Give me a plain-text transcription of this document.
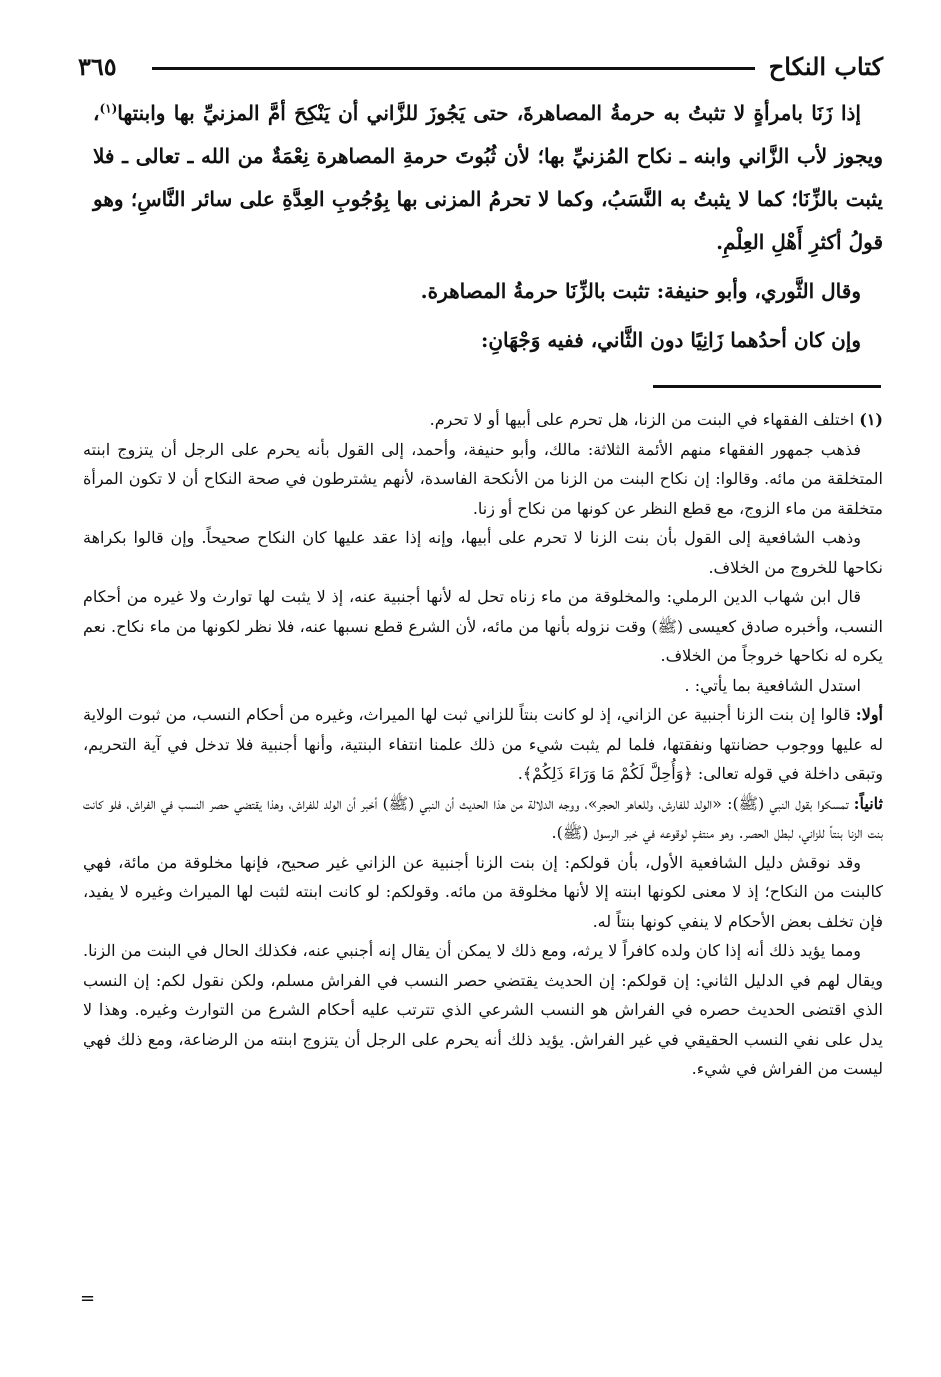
كتاب النكاح
٣٦٥

إذا زَنَا بامرأةٍ لا تثبتُ به حرمةُ المصاهرةَ، حتى يَجُوزَ للزَّاني أن يَنْكِحَ أمَّ المزنيِّ بها وابنتها$^{(١)}$، ويجوز لأب الزَّاني وابنه ـ نكاح المُزنيِّ بها؛ لأن ثُبُوتَ حرمةِ المصاهرة نِعْمَةٌ من الله ـ تعالى ـ فلا يثبت بالزِّنَا؛ كما لا يثبتُ به النَّسَبُ، وكما لا تحرمُ المزنى بها بِوُجُوبِ العِدَّةِ على سائر النَّاسِ؛ وهو قولُ أكثرِ أَهْلِ العِلْمِ.

وقال الثَّوري، وأبو حنيفة: تثبت بالزِّنَا حرمةُ المصاهرة.

وإن كان أحدُهما زَانِيًا دون الثَّاني، ففيه وَجْهَانِ:

(١) اختلف الفقهاء في البنت من الزنا، هل تحرم على أبيها أو لا تحرم.

فذهب جمهور الفقهاء منهم الأئمة الثلاثة: مالك، وأبو حنيفة، وأحمد، إلى القول بأنه يحرم على الرجل أن يتزوج ابنته المتخلقة من مائه. وقالوا: إن نكاح البنت من الزنا من الأنكحة الفاسدة، لأنهم يشترطون في صحة النكاح أن لا تكون المرأة متخلقة من ماء الزوج، مع قطع النظر عن كونها من نكاح أو زنا.

وذهب الشافعية إلى القول بأن بنت الزنا لا تحرم على أبيها، وإنه إذا عقد عليها كان النكاح صحيحاً. وإن قالوا بكراهة نكاحها للخروج من الخلاف.

قال ابن شهاب الدين الرملي: والمخلوقة من ماء زناه تحل له لأنها أجنبية عنه، إذ لا يثبت لها توارث ولا غيره من أحكام النسب، وأخبره صادق كعيسى (ﷺ) وقت نزوله بأنها من مائه، لأن الشرع قطع نسبها عنه، فلا نظر لكونها من ماء نكاح. نعم يكره له نكاحها خروجاً من الخلاف.

استدل الشافعية بما يأتي: .

أولا: قالوا إن بنت الزنا أجنبية عن الزاني، إذ لو كانت بنتاً للزاني ثبت لها الميراث، وغيره من أحكام النسب، من ثبوت الولاية له عليها ووجوب حضانتها ونفقتها، فلما لم يثبت شيء من ذلك علمنا انتفاء البنتية، وأنها أجنبية فلا تدخل في آية التحريم، وتبقى داخلة في قوله تعالى: ﴿وَأُحِلَّ لَكُمْ مَا وَرَاءَ ذَلِكُمْ﴾.

ثانياً: تمسكوا بقول النبي (ﷺ): «الولد للفارش، وللعاهر الحجر»، ووجه الدلالة من هذا الحديث أن النبي (ﷺ) أخبر أن الولد للفراش، وهذا يقتضي حصر النسب في الفراش، فلو كانت بنت الزنا بنتاً للزاني، لبطل الحصر. وهو منتفٍ لوقوعه في خبر الرسول (ﷺ).

وقد نوقش دليل الشافعية الأول، بأن قولكم: إن بنت الزنا أجنبية عن الزاني غير صحيح، فإنها مخلوقة من مائة، فهي كالبنت من النكاح؛ إذ لا معنى لكونها ابنته إلا لأنها مخلوقة من مائه. وقولكم: لو كانت ابنته لثبت لها الميراث وغيره لا يفيد، فإن تخلف بعض الأحكام لا ينفي كونها بنتاً له.

ومما يؤيد ذلك أنه إذا كان ولده كافراً لا يرثه، ومع ذلك لا يمكن أن يقال إنه أجنبي عنه، فكذلك الحال في البنت من الزنا. ويقال لهم في الدليل الثاني: إن قولكم: إن الحديث يقتضي حصر النسب في الفراش مسلم، ولكن نقول لكم: إن النسب الذي اقتضى الحديث حصره في الفراش هو النسب الشرعي الذي تترتب عليه أحكام الشرع من التوارث وغيره. وهذا لا يدل على نفي النسب الحقيقي في غير الفراش. يؤيد ذلك أنه يحرم على الرجل أن يتزوج ابنته من الرضاعة، ومع ذلك فهي ليست من الفراش في شيء.

=
